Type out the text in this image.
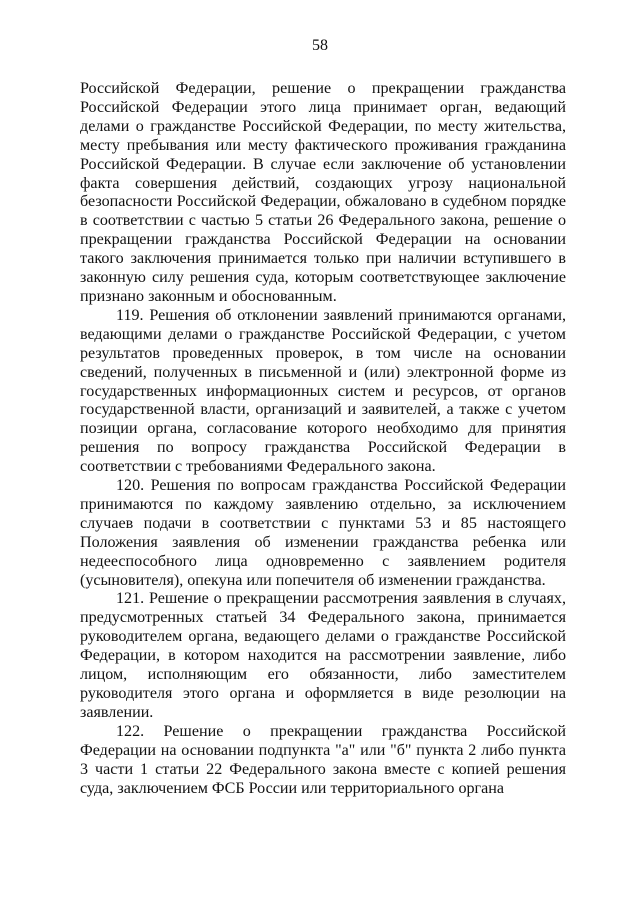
58

Российской Федерации, решение о прекращении гражданства Российской Федерации этого лица принимает орган, ведающий делами о гражданстве Российской Федерации, по месту жительства, месту пребывания или месту фактического проживания гражданина Российской Федерации. В случае если заключение об установлении факта совершения действий, создающих угрозу национальной безопасности Российской Федерации, обжаловано в судебном порядке в соответствии с частью 5 статьи 26 Федерального закона, решение о прекращении гражданства Российской Федерации на основании такого заключения принимается только при наличии вступившего в законную силу решения суда, которым соответствующее заключение признано законным и обоснованным.

119. Решения об отклонении заявлений принимаются органами, ведающими делами о гражданстве Российской Федерации, с учетом результатов проведенных проверок, в том числе на основании сведений, полученных в письменной и (или) электронной форме из государственных информационных систем и ресурсов, от органов государственной власти, организаций и заявителей, а также с учетом позиции органа, согласование которого необходимо для принятия решения по вопросу гражданства Российской Федерации в соответствии с требованиями Федерального закона.

120. Решения по вопросам гражданства Российской Федерации принимаются по каждому заявлению отдельно, за исключением случаев подачи в соответствии с пунктами 53 и 85 настоящего Положения заявления об изменении гражданства ребенка или недееспособного лица одновременно с заявлением родителя (усыновителя), опекуна или попечителя об изменении гражданства.

121. Решение о прекращении рассмотрения заявления в случаях, предусмотренных статьей 34 Федерального закона, принимается руководителем органа, ведающего делами о гражданстве Российской Федерации, в котором находится на рассмотрении заявление, либо лицом, исполняющим его обязанности, либо заместителем руководителя этого органа и оформляется в виде резолюции на заявлении.

122. Решение о прекращении гражданства Российской Федерации на основании подпункта "а" или "б" пункта 2 либо пункта 3 части 1 статьи 22 Федерального закона вместе с копией решения суда, заключением ФСБ России или территориального органа
